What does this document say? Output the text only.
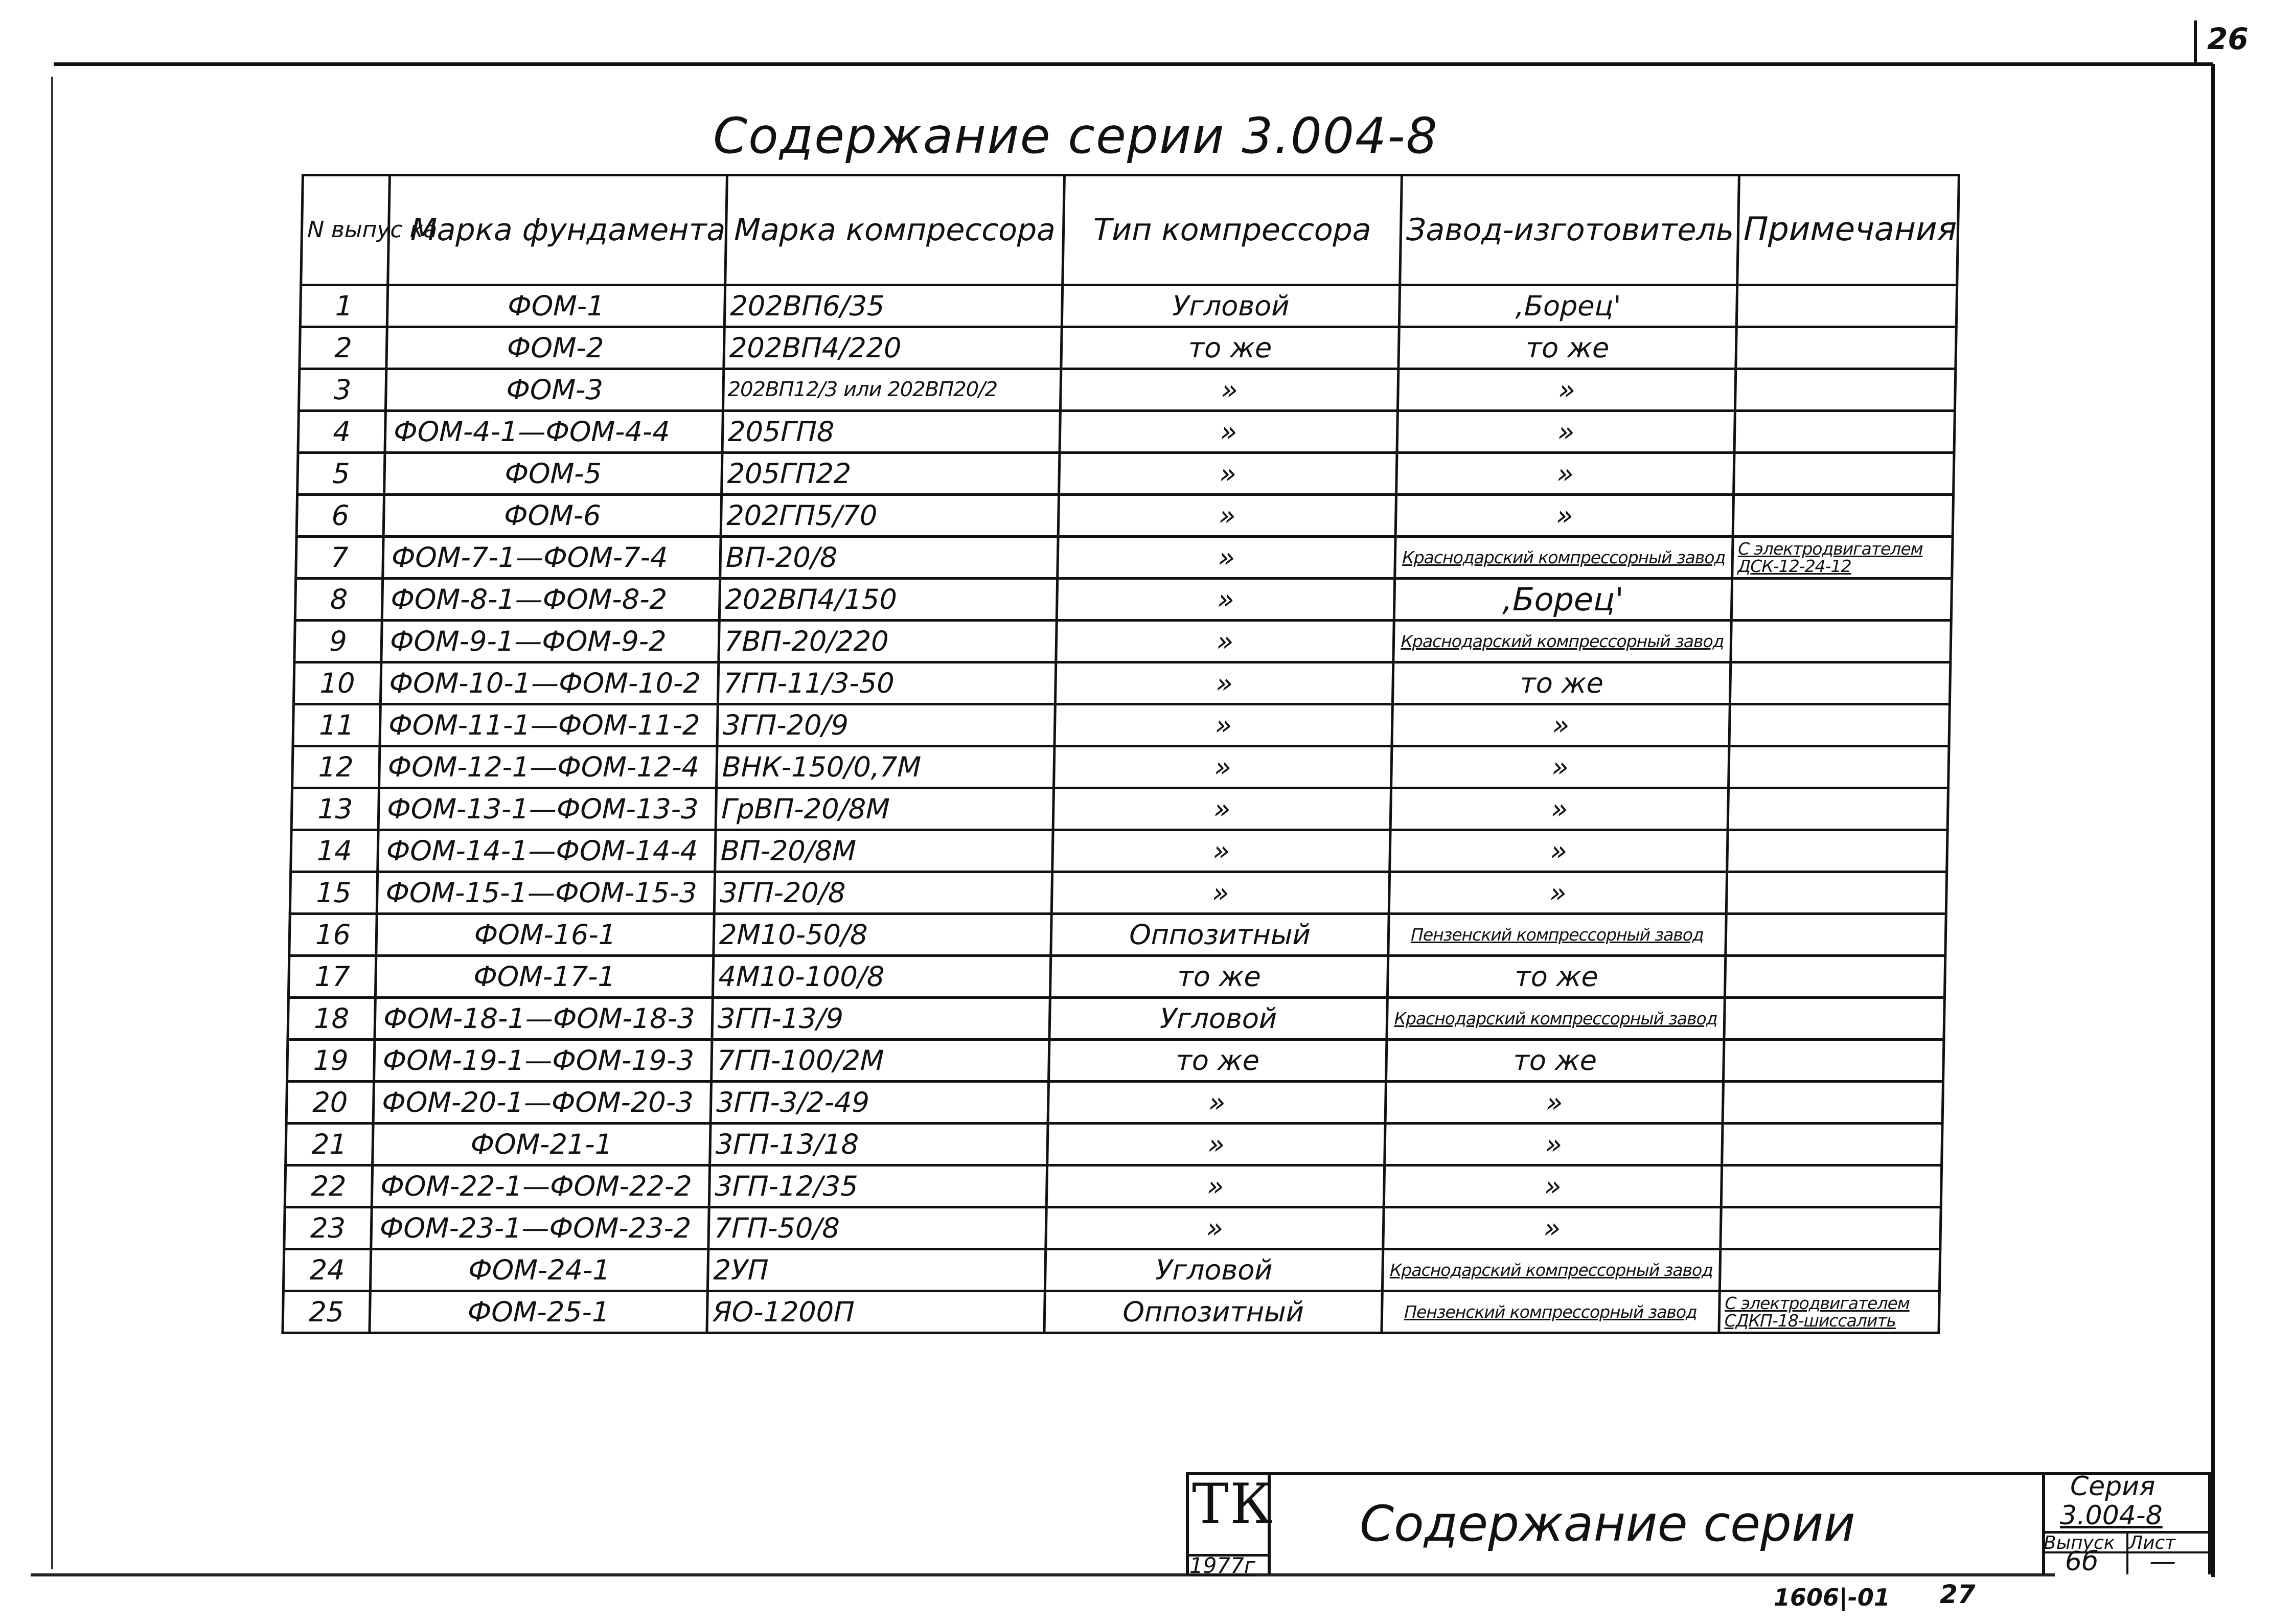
26
Содержание серии 3.004-8
N выпус ка	Марка фундамента	Марка компрессора	Тип компрессора	Завод-изготовитель	Примечания
1	ФОМ-1	202ВП6/35	Угловой	,Борец'	
2	ФОМ-2	202ВП4/220	то же	то же	
3	ФОМ-3	202ВП12/3 или 202ВП20/2	»	»	
4	ФОМ-4-1—ФОМ-4-4	205ГП8	»	»	
5	ФОМ-5	205ГП22	»	»	
6	ФОМ-6	202ГП5/70	»	»	
7	ФОМ-7-1—ФОМ-7-4	ВП-20/8	»	Краснодарский компрессорный завод	С электродвигателем ДСК-12-24-12
8	ФОМ-8-1—ФОМ-8-2	202ВП4/150	»	,Борец'	
9	ФОМ-9-1—ФОМ-9-2	7ВП-20/220	»	Краснодарский компрессорный завод	
10	ФОМ-10-1—ФОМ-10-2	7ГП-11/3-50	»	то же	
11	ФОМ-11-1—ФОМ-11-2	3ГП-20/9	»	»	
12	ФОМ-12-1—ФОМ-12-4	ВНК-150/0,7М	»	»	
13	ФОМ-13-1—ФОМ-13-3	ГрВП-20/8М	»	»	
14	ФОМ-14-1—ФОМ-14-4	ВП-20/8М	»	»	
15	ФОМ-15-1—ФОМ-15-3	3ГП-20/8	»	»	
16	ФОМ-16-1	2М10-50/8	Оппозитный	Пензенский компрессорный завод	
17	ФОМ-17-1	4М10-100/8	то же	то же	
18	ФОМ-18-1—ФОМ-18-3	3ГП-13/9	Угловой	Краснодарский компрессорный завод	
19	ФОМ-19-1—ФОМ-19-3	7ГП-100/2М	то же	то же	
20	ФОМ-20-1—ФОМ-20-3	3ГП-3/2-49	»	»	
21	ФОМ-21-1	3ГП-13/18	»	»	
22	ФОМ-22-1—ФОМ-22-2	3ГП-12/35	»	»	
23	ФОМ-23-1—ФОМ-23-2	7ГП-50/8	»	»	
24	ФОМ-24-1	2УП	Угловой	Краснодарский компрессорный завод	
25	ФОМ-25-1	ЯО-1200П	Оппозитный	Пензенский компрессорный завод	С электродвигателем СДКП-18-шиссалить
ТК
1977г
Содержание серии
Серия
3.004-8
Выпуск Лист
6б —
1606|-01 27
